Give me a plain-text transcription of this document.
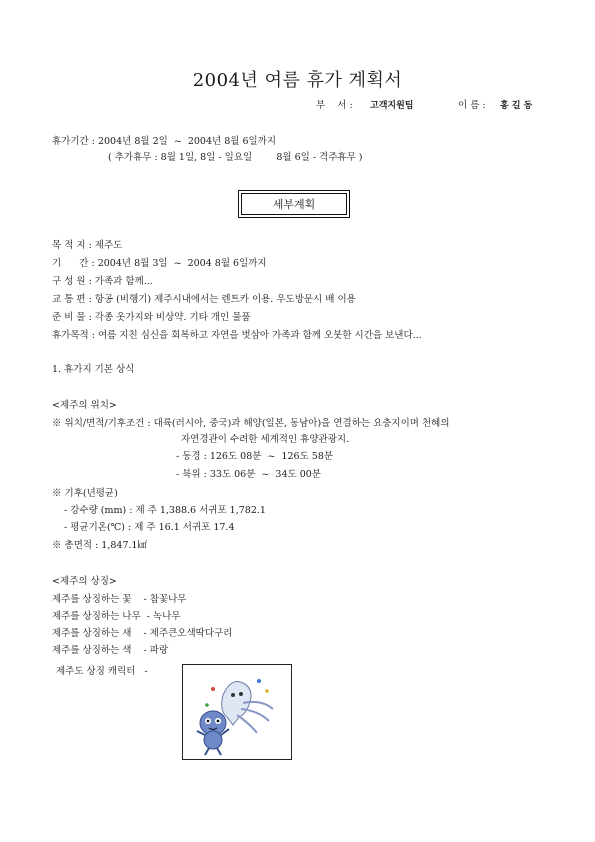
2004년 여름 휴가 계획서
부    서 : 고객지원팀	이 름 : 홍 길 동
휴가기간 : 2004년 8월 2일  ~  2004년 8월 6일까지
( 추가휴무 : 8월 1일, 8일 - 일요일        8월 6일 - 격주휴무 )
세부계획
목 적 지 : 제주도
기      간 : 2004년 8월 3일  ~  2004 8월 6일까지
구 성 원 : 가족과 함께...
교 통 편 : 항공 (비행기) 제주시내에서는 렌트카 이용. 우도방문시 배 이용
준 비 물 : 각종 옷가지와 비상약. 기타 개인 물품
휴가목적 : 여름 지친 심신을 회복하고 자연을 벗삼아 가족과 함께 오붓한 시간을 보낸다...
1. 휴가지 기본 상식
<제주의 위치>
※ 위치/면적/기후조건 : 대륙(러시아, 중국)과 해양(일본, 동남아)을 연결하는 요충지이며 천혜의
자연경관이 수려한 세계적인 휴양관광지.
- 동경 : 126도 08분  ~  126도 58분
- 북위 : 33도 06분  ~  34도 00분
※ 기후(년평균)
- 강수량 (mm) : 제 주 1,388.6 서귀포 1,782.1
- 평균기온(℃) : 제 주 16.1 서귀포 17.4
※ 총면적 : 1,847.1㎢
<제주의 상징>
제주를 상징하는 꽃    - 참꽃나무
제주를 상징하는 나무  - 녹나무
제주를 상징하는 새    - 제주큰오색딱다구리
제주를 상징하는 색    - 파랑
제주도 상징 캐릭터   -
